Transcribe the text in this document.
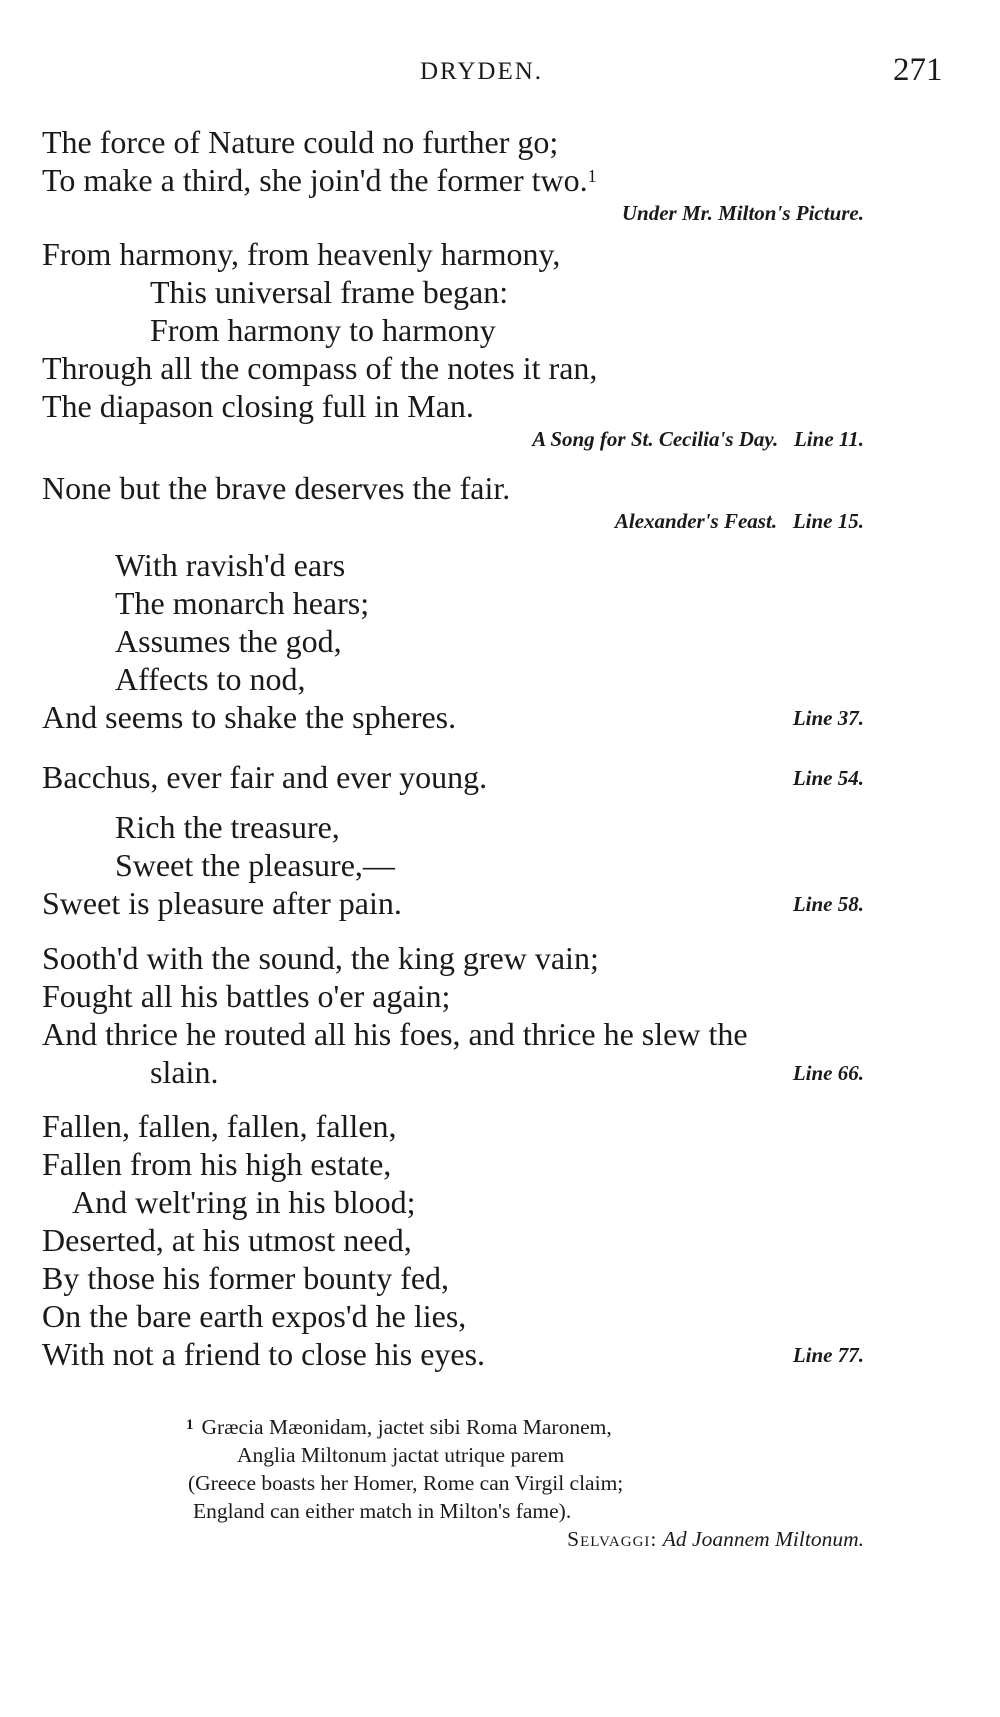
DRYDEN.	271
The force of Nature could no further go;
To make a third, she join'd the former two.$^1$
Under Mr. Milton's Picture.
From harmony, from heavenly harmony,
This universal frame began:
From harmony to harmony
Through all the compass of the notes it ran,
The diapason closing full in Man.
A Song for St. Cecilia's Day. Line 11.
None but the brave deserves the fair.
Alexander's Feast. Line 15.
With ravish'd ears
The monarch hears;
Assumes the god,
Affects to nod,
And seems to shake the spheres.	Line 37.
Bacchus, ever fair and ever young.	Line 54.
Rich the treasure,
Sweet the pleasure,—
Sweet is pleasure after pain.	Line 58.
Sooth'd with the sound, the king grew vain;
Fought all his battles o'er again;
And thrice he routed all his foes, and thrice he slew the
slain.	Line 66.
Fallen, fallen, fallen, fallen,
Fallen from his high estate,
And welt'ring in his blood;
Deserted, at his utmost need,
By those his former bounty fed,
On the bare earth expos'd he lies,
With not a friend to close his eyes.	Line 77.
$^1$ Græcia Mæonidam, jactet sibi Roma Maronem,
Anglia Miltonum jactat utrique parem
(Greece boasts her Homer, Rome can Virgil claim;
England can either match in Milton's fame).
Selvaggi: Ad Joannem Miltonum.
